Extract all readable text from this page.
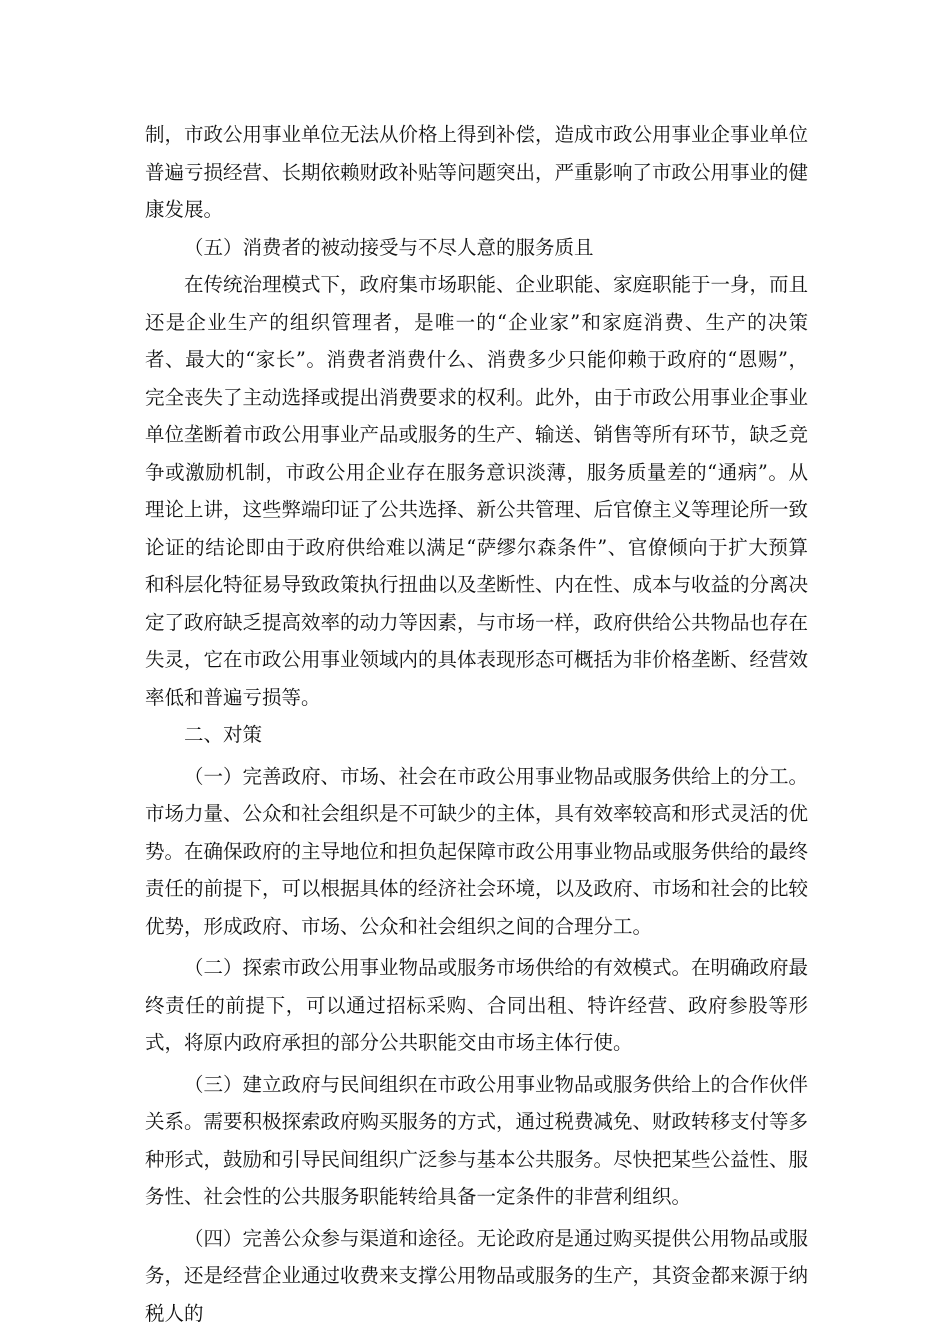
制，市政公用事业单位无法从价格上得到补偿，造成市政公用事业企事业单位普遍亏损经营、长期依赖财政补贴等问题突出，严重影响了市政公用事业的健康发展。

（五）消费者的被动接受与不尽人意的服务质且

在传统治理模式下，政府集市场职能、企业职能、家庭职能于一身，而且还是企业生产的组织管理者，是唯一的“企业家”和家庭消费、生产的决策者、最大的“家长”。消费者消费什么、消费多少只能仰赖于政府的“恩赐”，完全丧失了主动选择或提出消费要求的权利。此外，由于市政公用事业企事业单位垄断着市政公用事业产品或服务的生产、输送、销售等所有环节，缺乏竞争或激励机制，市政公用企业存在服务意识淡薄，服务质量差的“通病”。从理论上讲，这些弊端印证了公共选择、新公共管理、后官僚主义等理论所一致论证的结论即由于政府供给难以满足“萨缪尔森条件”、官僚倾向于扩大预算和科层化特征易导致政策执行扭曲以及垄断性、内在性、成本与收益的分离决定了政府缺乏提高效率的动力等因素，与市场一样，政府供给公共物品也存在失灵，它在市政公用事业领域内的具体表现形态可概括为非价格垄断、经营效率低和普遍亏损等。

二、对策

（一）完善政府、市场、社会在市政公用事业物品或服务供给上的分工。市场力量、公众和社会组织是不可缺少的主体，具有效率较高和形式灵活的优势。在确保政府的主导地位和担负起保障市政公用事业物品或服务供给的最终责任的前提下，可以根据具体的经济社会环境，以及政府、市场和社会的比较优势，形成政府、市场、公众和社会组织之间的合理分工。

（二）探索市政公用事业物品或服务市场供给的有效模式。在明确政府最终责任的前提下，可以通过招标采购、合同出租、特许经营、政府参股等形式，将原内政府承担的部分公共职能交由市场主体行使。

（三）建立政府与民间组织在市政公用事业物品或服务供给上的合作伙伴关系。需要积极探索政府购买服务的方式，通过税费减免、财政转移支付等多种形式，鼓励和引导民间组织广泛参与基本公共服务。尽快把某些公益性、服务性、社会性的公共服务职能转给具备一定条件的非营利组织。

（四）完善公众参与渠道和途径。无论政府是通过购买提供公用物品或服务，还是经营企业通过收费来支撑公用物品或服务的生产，其资金都来源于纳税人的
